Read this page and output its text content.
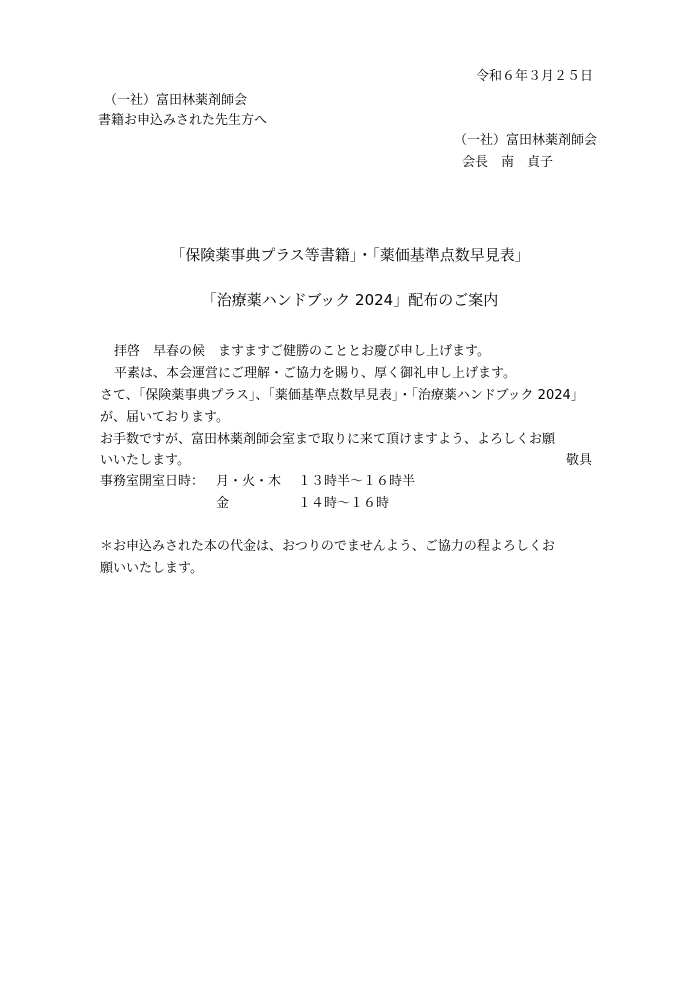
令和６年３月２５日
（一社）富田林薬剤師会
書籍お申込みされた先生方へ
（一社）富田林薬剤師会
会長　南　貞子
「保険薬事典プラス等書籍」・「薬価基準点数早見表」
「治療薬ハンドブック 2024」配布のご案内
拝啓　早春の候　ますますご健勝のこととお慶び申し上げます。
平素は、本会運営にご理解・ご協力を賜り、厚く御礼申し上げます。
さて、「保険薬事典プラス」、「薬価基準点数早見表」・「治療薬ハンドブック 2024」
が、届いております。
お手数ですが、富田林薬剤師会室まで取りに来て頂けますよう、よろしくお願
いいたします。	敬具
事務室開室日時： 月・火・木 １３時半～１６時半
金	１４時～１６時
＊お申込みされた本の代金は、おつりのでませんよう、ご協力の程よろしくお
願いいたします。
